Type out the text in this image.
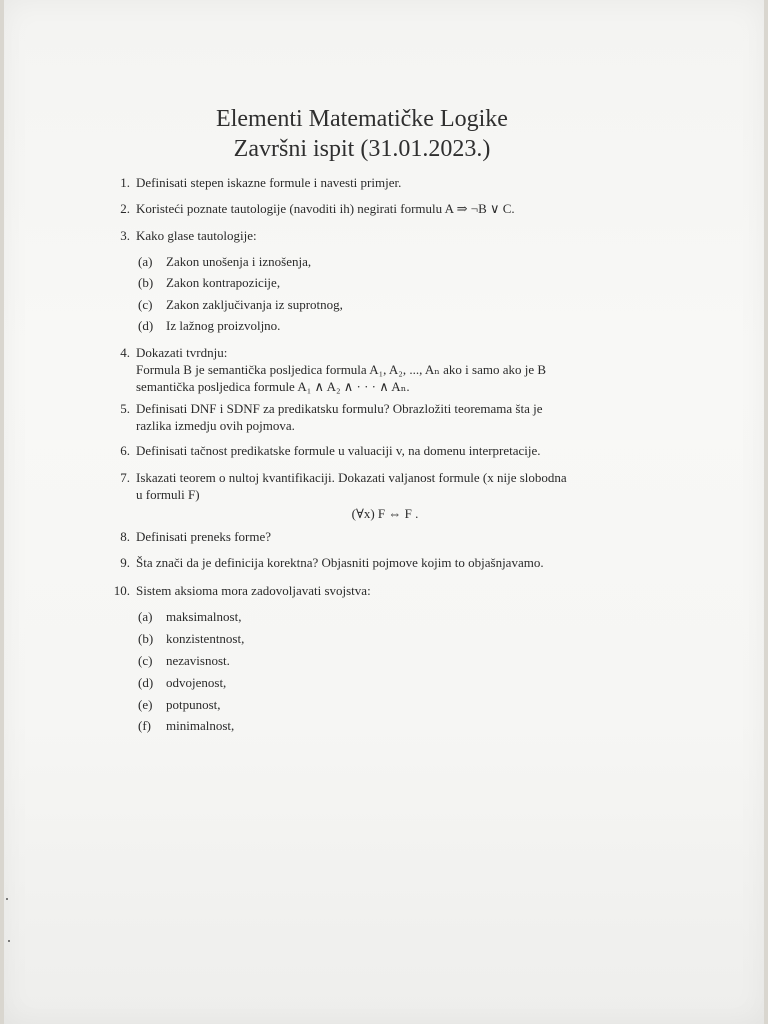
Elementi Matematičke Logike
Završni ispit (31.01.2023.)
1. Definisati stepen iskazne formule i navesti primjer.
2. Koristeći poznate tautologije (navoditi ih) negirati formulu A ⇒ ¬B ∨ C.
3. Kako glase tautologije:
(a) Zakon unošenja i iznošenja,
(b) Zakon kontrapozicije,
(c) Zakon zaključivanja iz suprotnog,
(d) Iz lažnog proizvoljno.
4. Dokazati tvrdnju:
Formula B je semantička posljedica formula A₁, A₂, ..., Aₙ ako i samo ako je B
semantička posljedica formule A₁ ∧ A₂ ∧ · · · ∧ Aₙ.
5. Definisati DNF i SDNF za predikatsku formulu? Obrazložiti teoremama šta je
razlika izmedju ovih pojmova.
6. Definisati tačnost predikatske formule u valuaciji v, na domenu interpretacije.
7. Iskazati teorem o nultoj kvantifikaciji. Dokazati valjanost formule (x nije slobodna
u formuli F)
(∀x) F ⇔ F .
8. Definisati preneks forme?
9. Šta znači da je definicija korektna? Objasniti pojmove kojim to objašnjavamo.
10. Sistem aksioma mora zadovoljavati svojstva:
(a) maksimalnost,
(b) konzistentnost,
(c) nezavisnost.
(d) odvojenost,
(e) potpunost,
(f) minimalnost,
